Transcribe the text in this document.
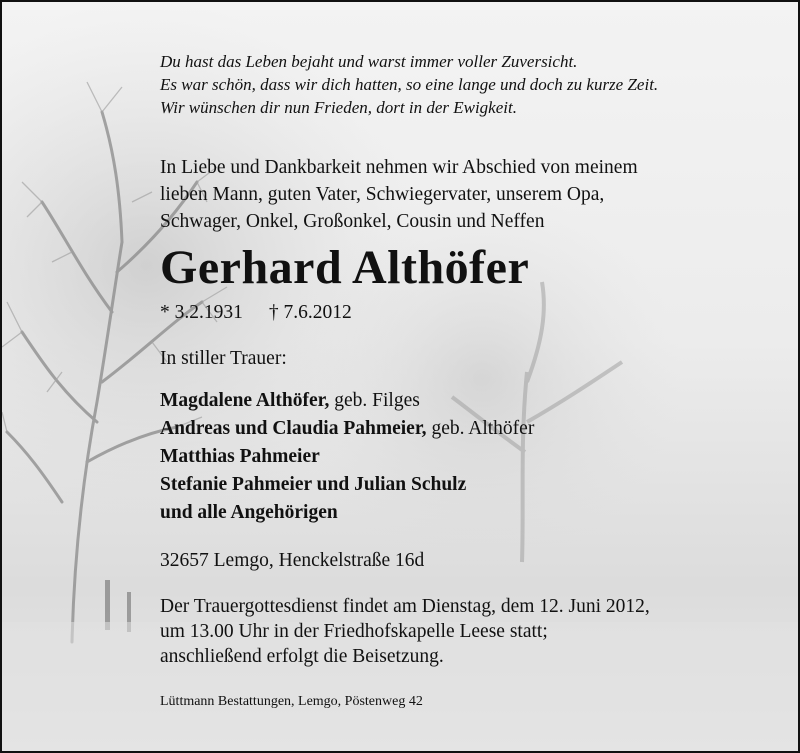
Du hast das Leben bejaht und warst immer voller Zuversicht.
Es war schön, dass wir dich hatten, so eine lange und doch zu kurze Zeit.
Wir wünschen dir nun Frieden, dort in der Ewigkeit.
In Liebe und Dankbarkeit nehmen wir Abschied von meinem
lieben Mann, guten Vater, Schwiegervater, unserem Opa,
Schwager, Onkel, Großonkel, Cousin und Neffen
Gerhard Althöfer
* 3.2.1931 † 7.6.2012
In stiller Trauer:
Magdalene Althöfer, geb. Filges
Andreas und Claudia Pahmeier, geb. Althöfer
Matthias Pahmeier
Stefanie Pahmeier und Julian Schulz
und alle Angehörigen
32657 Lemgo, Henckelstraße 16d
Der Trauergottesdienst findet am Dienstag, dem 12. Juni 2012,
um 13.00 Uhr in der Friedhofskapelle Leese statt;
anschließend erfolgt die Beisetzung.
Lüttmann Bestattungen, Lemgo, Pöstenweg 42
